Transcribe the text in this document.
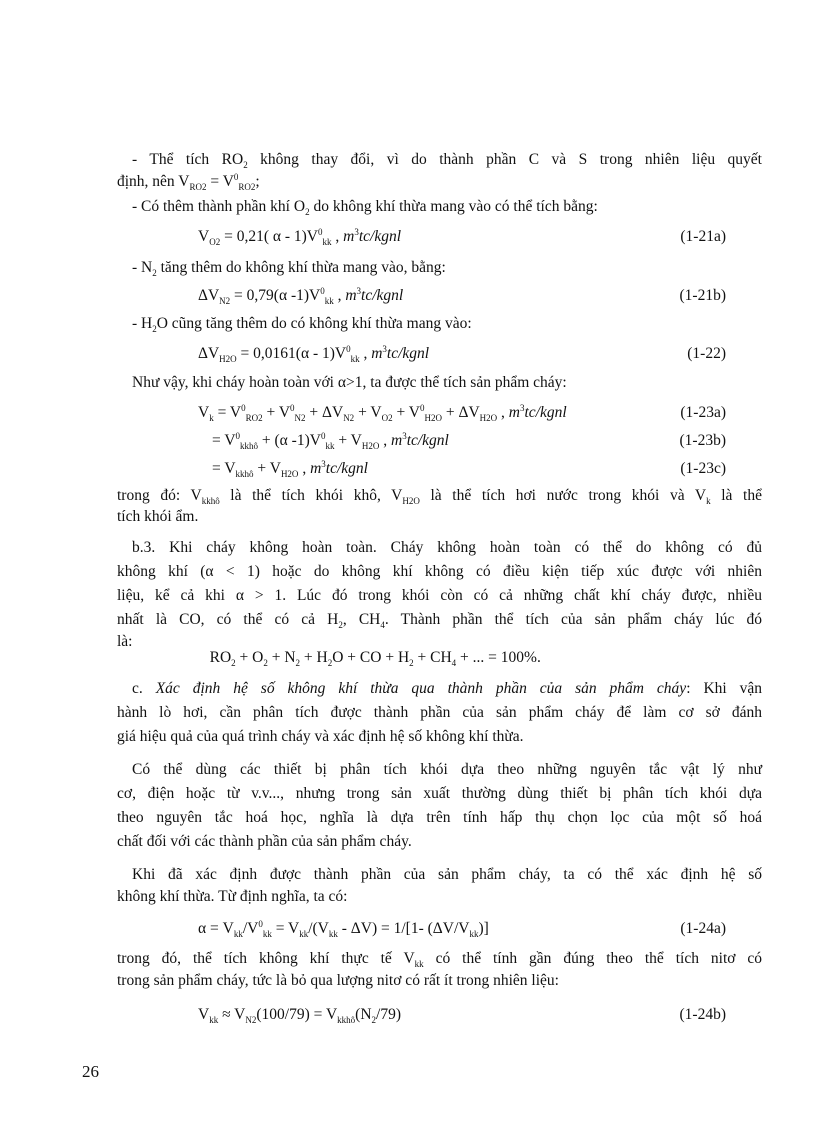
- Thể tích $RO_2$ không thay đổi, vì do thành phần C và S trong nhiên liệu quyết
định, nên $V_{RO2} = V^0_{RO2}$;
- Có thêm thành phần khí $O_2$ do không khí thừa mang vào có thể tích bằng:
$V_{O2} = 0,21$( α - $1)V^0_{kk}$ , $m^3tc$/kgnl	(1-21a)
- $N_2$ tăng thêm do không khí thừa mang vào, bằng:
$\Delta V_{N2} = 0,79(\alpha$ $-1)V^0_{kk}$ , $m^3tc$/kgnl	(1-21b)
- $H_2O$ cũng tăng thêm do có không khí thừa mang vào:
$\Delta V_{H2O} = 0,0161(\alpha - 1)V^0_{kk}$ , $m^3tc$/kgnl	(1-22)
Như vậy, khi cháy hoàn toàn với α>1, ta được thể tích sản phẩm cháy:
$V_k = V^0_{RO2} + V^0_{N2} + \Delta V_{N2} + V_{O2} + V^0_{H2O} + \Delta V_{H2O}$ , $m^3tc$/kgnl	(1-23a)
= $V^0_{kkhô} + (\alpha$ $-1)V^0_{kk} + V_{H2O}$ , $m^3tc$/kgnl	(1-23b)
= $V_{kkhô} + V_{H2O}$ , $m^3tc$/kgnl	(1-23c)
trong đó: $V_{kkhô}$ là thể tích khói khô, $V_{H2O}$ là thể tích hơi nước trong khói và $V_k$ là thể
tích khói ẩm.
b.3. Khi cháy không hoàn toàn. Cháy không hoàn toàn có thể do không có đủ
không khí (α < 1) hoặc do không khí không có điều kiện tiếp xúc được với nhiên
liệu, kể cả khi α > 1. Lúc đó trong khói còn có cả những chất khí cháy được, nhiều
nhất là CO, có thể có cả $H_2$, $CH_4$. Thành phần thể tích của sản phẩm cháy lúc đó
là:
$RO_2 + O_2 + N_2 + H_2O$ + CO + $H_2 + CH_4$ + ... = 100%.
c. Xác định hệ số không khí thừa qua thành phần của sản phẩm cháy: Khi vận
hành lò hơi, cần phân tích được thành phần của sản phẩm cháy để làm cơ sở đánh
giá hiệu quả của quá trình cháy và xác định hệ số không khí thừa.
Có thể dùng các thiết bị phân tích khói dựa theo những nguyên tắc vật lý như
cơ, điện hoặc từ v.v..., nhưng trong sản xuất thường dùng thiết bị phân tích khói dựa
theo nguyên tắc hoá học, nghĩa là dựa trên tính hấp thụ chọn lọc của một số hoá
chất đối với các thành phần của sản phẩm cháy.
Khi đã xác định được thành phần của sản phẩm cháy, ta có thể xác định hệ số
không khí thừa. Từ định nghĩa, ta có:
$\alpha = V_{kk}/V^0_{kk} = V_{kk}/(V_{kk} - \Delta V) = 1/[1-$ $(\Delta V/V_{kk})$]	(1-24a)
trong đó, thể tích không khí thực tế $V_{kk}$ có thể tính gần đúng theo thể tích nitơ có
trong sản phẩm cháy, tức là bỏ qua lượng nitơ có rất ít trong nhiên liệu:
$V_{kk} \approx V_{N2}(100/79) = V_{kkhô}(N_2/79)$	(1-24b)
26
